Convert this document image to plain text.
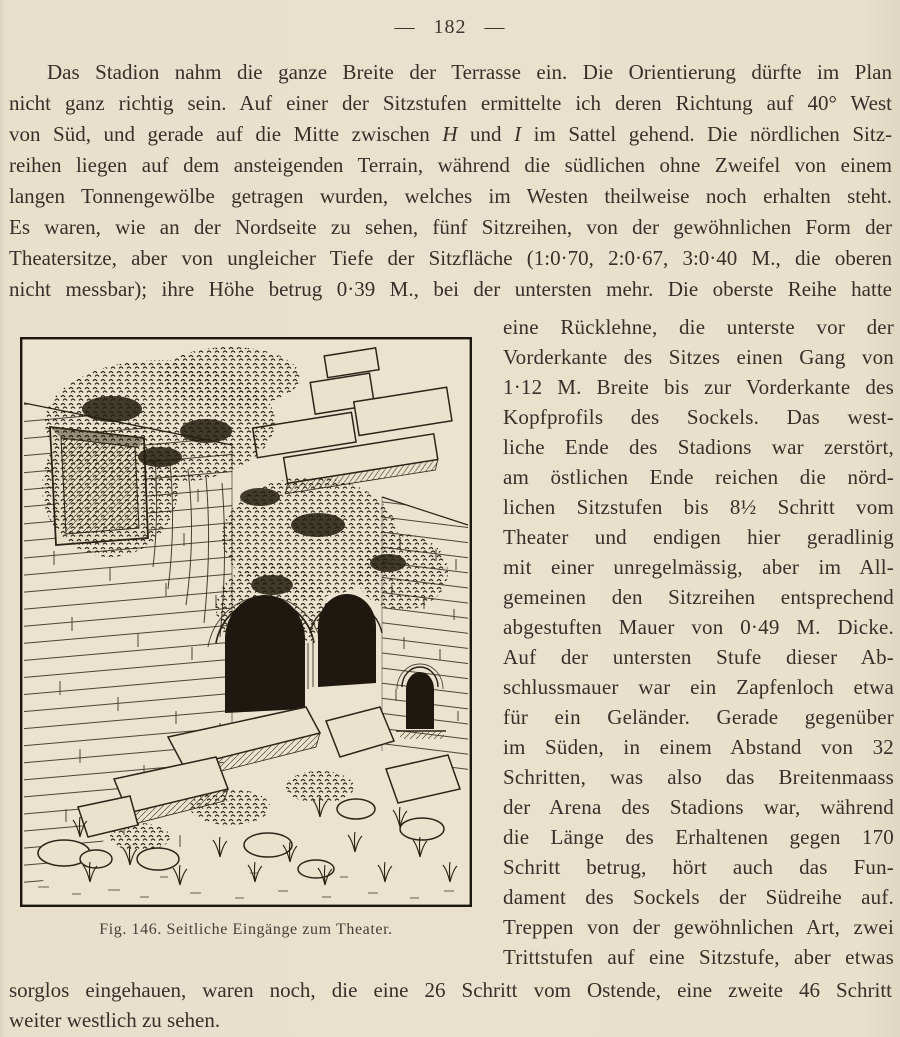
—   182   —
Das Stadion nahm die ganze Breite der Terrasse ein. Die Orientierung dürfte im Plan
nicht ganz richtig sein. Auf einer der Sitzstufen ermittelte ich deren Richtung auf 40° West
von Süd, und gerade auf die Mitte zwischen H und I im Sattel gehend. Die nördlichen Sitz-
reihen liegen auf dem ansteigenden Terrain, während die südlichen ohne Zweifel von einem
langen Tonnengewölbe getragen wurden, welches im Westen theilweise noch erhalten steht.
Es waren, wie an der Nordseite zu sehen, fünf Sitzreihen, von der gewöhnlichen Form der
Theatersitze, aber von ungleicher Tiefe der Sitzfläche (1:0·70, 2:0·67, 3:0·40 M., die oberen
nicht messbar); ihre Höhe betrug 0·39 M., bei der untersten mehr. Die oberste Reihe hatte
Fig. 146. Seitliche Eingänge zum Theater.
eine Rücklehne, die unterste vor der
Vorderkante des Sitzes einen Gang von
1·12 M. Breite bis zur Vorderkante des
Kopfprofils des Sockels. Das west-
liche Ende des Stadions war zerstört,
am östlichen Ende reichen die nörd-
lichen Sitzstufen bis 8½ Schritt vom
Theater und endigen hier geradlinig
mit einer unregelmässig, aber im All-
gemeinen den Sitzreihen entsprechend
abgestuften Mauer von 0·49 M. Dicke.
Auf der untersten Stufe dieser Ab-
schlussmauer war ein Zapfenloch etwa
für ein Geländer. Gerade gegenüber
im Süden, in einem Abstand von 32
Schritten, was also das Breitenmaass
der Arena des Stadions war, während
die Länge des Erhaltenen gegen 170
Schritt betrug, hört auch das Fun-
dament des Sockels der Südreihe auf.
Treppen von der gewöhnlichen Art, zwei
Trittstufen auf eine Sitzstufe, aber etwas
sorglos eingehauen, waren noch, die eine 26 Schritt vom Ostende, eine zweite 46 Schritt
weiter westlich zu sehen.
